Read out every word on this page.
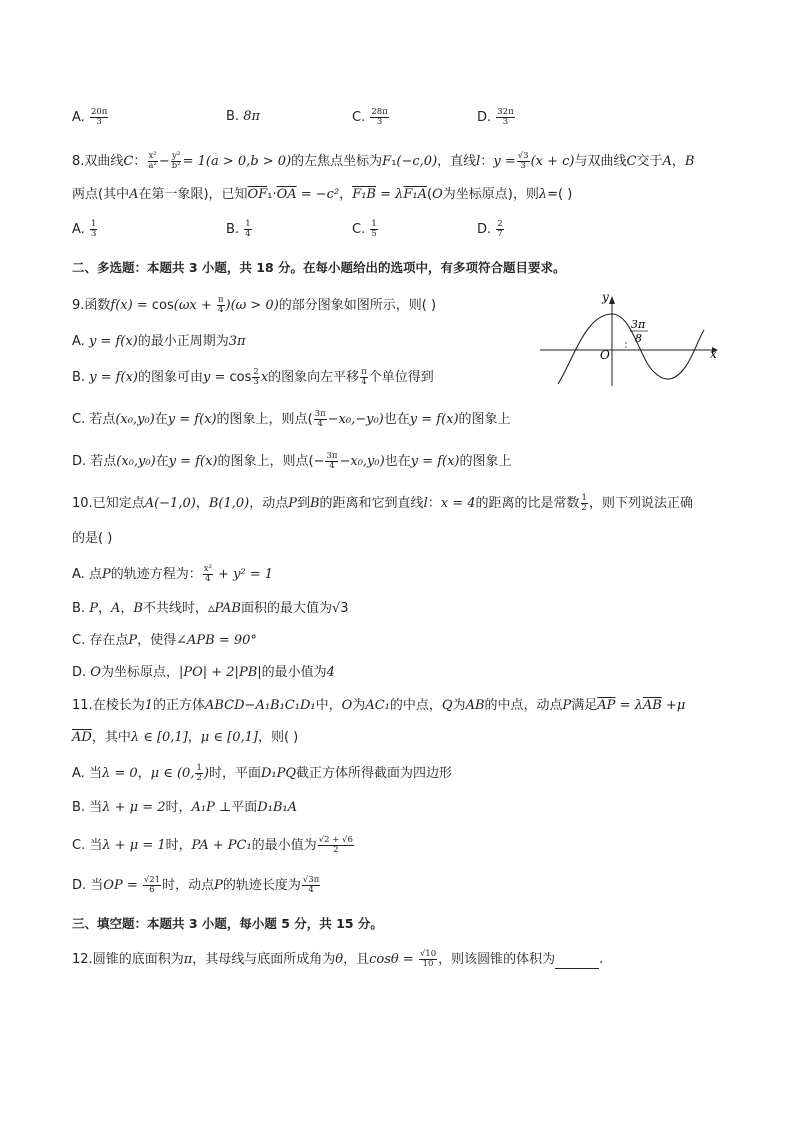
A. $\frac{20\pi}{3}$	B. 8π	C. $\frac{28\pi}{3}$	D. $\frac{32\pi}{3}$
8.双曲线C： $\frac{\text{x²}}{\text{a²}} - \frac{\text{y²}}{\text{b²}} = 1(a > 0,b > 0)$的左焦点坐标为F₁(−c,0)，直线l：$y = \frac{√3}{3} (x + c)$与双曲线C交于A，B
两点(其中A在第一象限)，已知$\overline{OF}_1\cdot\overline{OA} = -c^2$，F₁B = λF₁A(O为坐标原点)，则λ=( )
A. $\frac{1}{3}$	B. $\frac{1}{4}$	C. $\frac{1}{5}$	D. $\frac{2}{7}$
二、多选题：本题共 3 小题，共 18 分。在每小题给出的选项中，有多项符合题目要求。
9.函数$f(x) = \cos(\omega x + \frac{\pi}{4} )(\omega > 0)$的部分图象如图所示，则( )
y
x
O
3π
8
A. y = f(x)的最小正周期为3π
B. y = f(x)的图象可由$y = \cos \frac{2}{3}$ x的图象向左平移 $\frac{\pi}{4}$ 个单位得到
C. 若点(x₀,y₀)在y = f(x)的图象上，则点( $\frac{3\pi}{4} -x_0,-y_0$)也在y = f(x)的图象上
D. 若点(x₀,y₀)在y = f(x)的图象上，则点(− $\frac{3\pi}{4} -x_0,y_0$)也在y = f(x)的图象上
10.已知定点A(−1,0)，B(1,0)，动点P到B的距离和它到直线l：x = 4的距离的比是常数 $\frac{1}{2}$ ，则下列说法正确
的是( )
A. 点P的轨迹方程为： $\frac{\text{x²}}{4} + y^2 = 1$
B. P，A，B不共线时，▵PAB面积的最大值为√3
C. 存在点P，使得∠APB = 90°
D. O为坐标原点，|PO| + 2|PB|的最小值为4
11.在棱长为1的正方体ABCD−A₁B₁C₁D₁中，O为AC₁的中点，Q为AB的中点，动点P满足$\overline{AP} = \lambda\overline{AB} +\mu$
$\overline{AD}$，其中λ ∈ [0,1]，μ ∈ [0,1]，则( )
A. 当λ = 0，μ ∈ (0, $\frac{1}{2}$ )时，平面D₁PQ截正方体所得截面为四边形
B. 当λ + μ = 2时，A₁P ⊥平面D₁B₁A
C. 当λ + μ = 1时，PA + PC₁的最小值为 $\frac{√2 + √6}{2}$
D. 当OP = $\frac{√21}{6}$ 时，动点P的轨迹长度为 $\frac{√3\pi}{4}$
三、填空题：本题共 3 小题，每小题 5 分，共 15 分。
12.圆锥的底面积为π，其母线与底面所成角为θ，且$\cos\theta = \frac{√10}{10}$ ，则该圆锥的体积为	.
